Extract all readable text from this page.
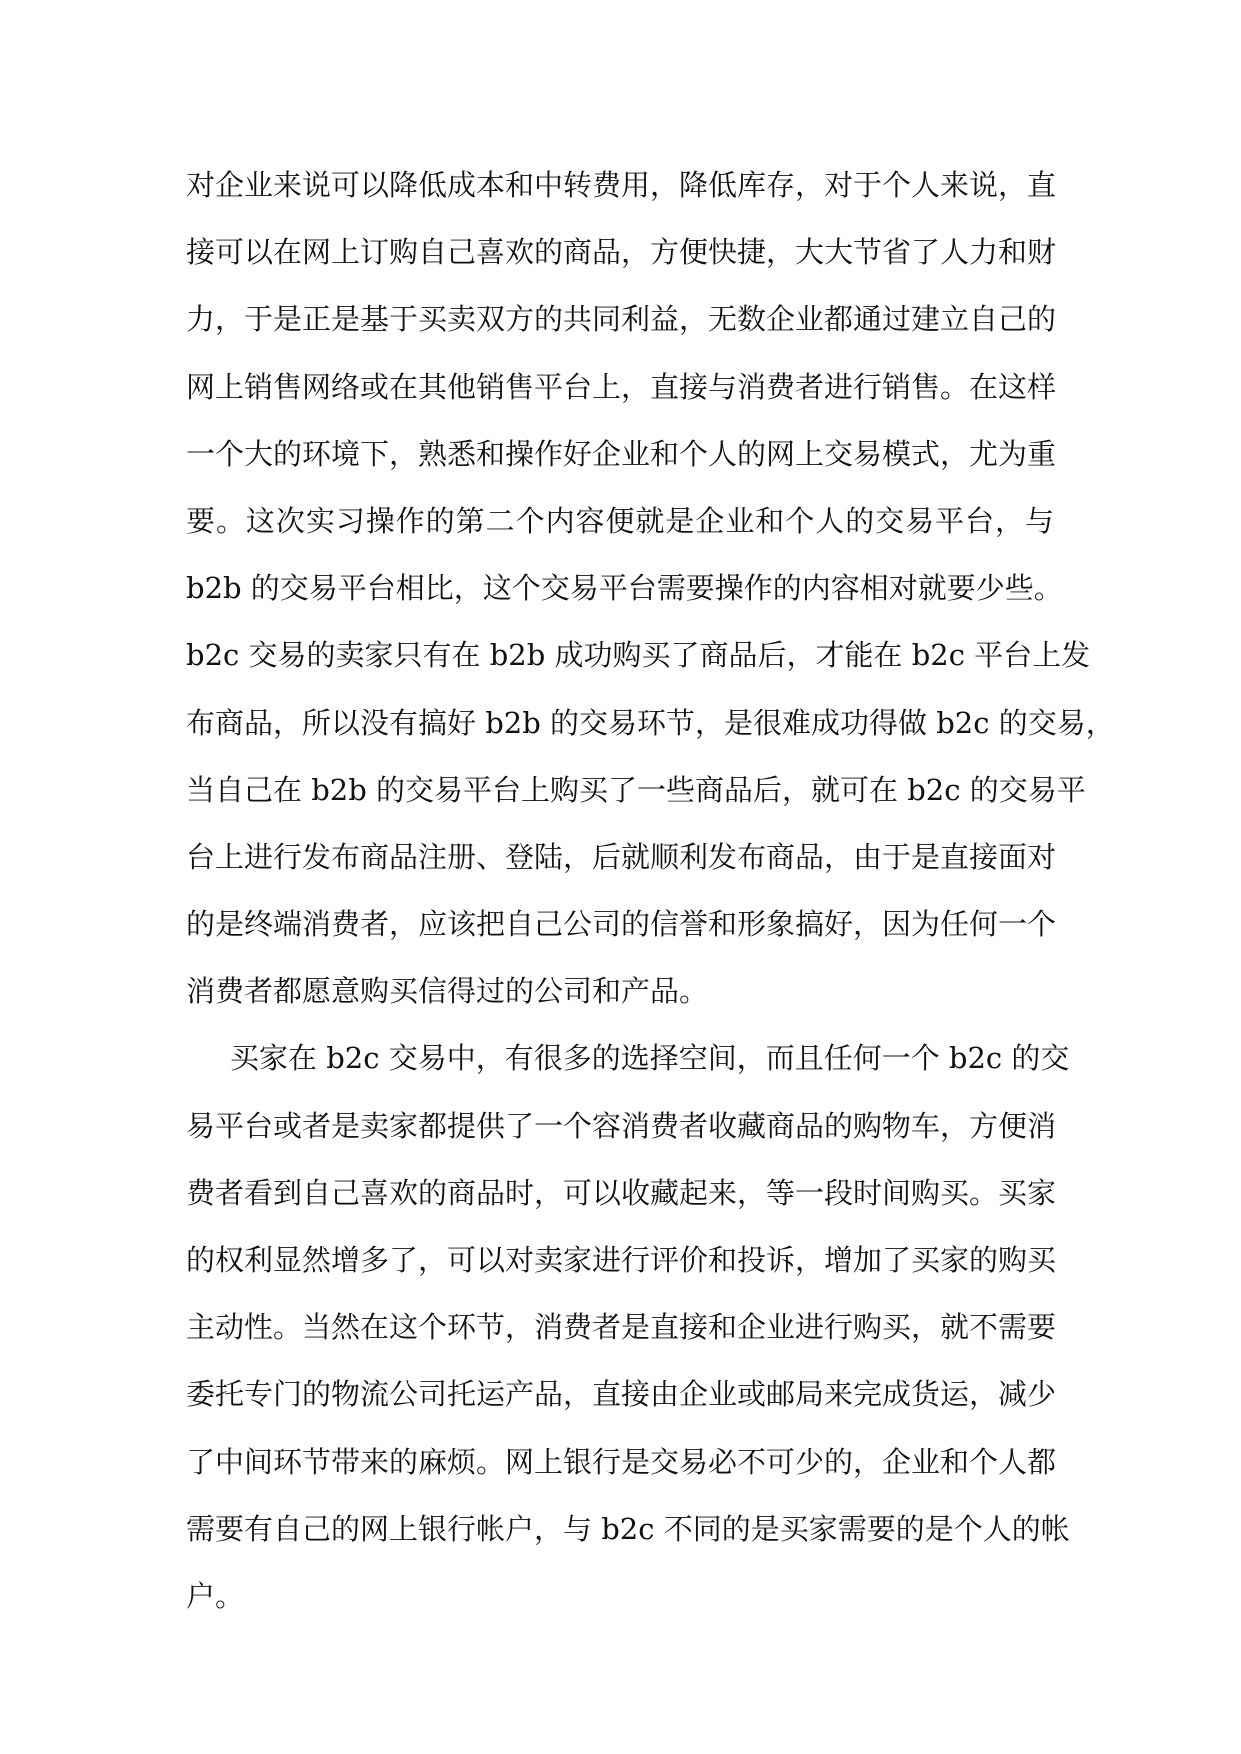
对企业来说可以降低成本和中转费用，降低库存，对于个人来说，直
接可以在网上订购自己喜欢的商品，方便快捷，大大节省了人力和财
力，于是正是基于买卖双方的共同利益，无数企业都通过建立自己的
网上销售网络或在其他销售平台上，直接与消费者进行销售。在这样
一个大的环境下，熟悉和操作好企业和个人的网上交易模式，尤为重
要。这次实习操作的第二个内容便就是企业和个人的交易平台，与
b2b 的交易平台相比，这个交易平台需要操作的内容相对就要少些。
b2c 交易的卖家只有在 b2b 成功购买了商品后，才能在 b2c 平台上发
布商品，所以没有搞好 b2b 的交易环节，是很难成功得做 b2c 的交易，
当自己在 b2b 的交易平台上购买了一些商品后，就可在 b2c 的交易平
台上进行发布商品注册、登陆，后就顺利发布商品，由于是直接面对
的是终端消费者，应该把自己公司的信誉和形象搞好，因为任何一个
消费者都愿意购买信得过的公司和产品。
买家在 b2c 交易中，有很多的选择空间，而且任何一个 b2c 的交
易平台或者是卖家都提供了一个容消费者收藏商品的购物车，方便消
费者看到自己喜欢的商品时，可以收藏起来，等一段时间购买。买家
的权利显然增多了，可以对卖家进行评价和投诉，增加了买家的购买
主动性。当然在这个环节，消费者是直接和企业进行购买，就不需要
委托专门的物流公司托运产品，直接由企业或邮局来完成货运，减少
了中间环节带来的麻烦。网上银行是交易必不可少的，企业和个人都
需要有自己的网上银行帐户，与 b2c 不同的是买家需要的是个人的帐
户。
